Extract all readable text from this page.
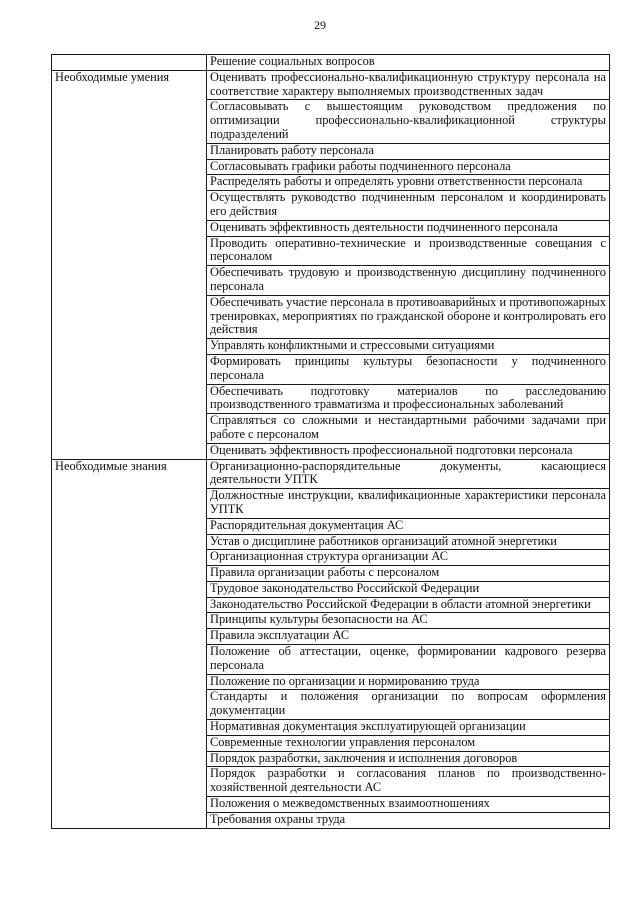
29
	Решение социальных вопросов
Необходимые умения	Оценивать профессионально-квалификационную структуру персонала на соответствие характеру выполняемых производственных задач
	Согласовывать с вышестоящим руководством предложения по оптимизации профессионально-квалификационной структуры подразделений
	Планировать работу персонала
	Согласовывать графики работы подчиненного персонала
	Распределять работы и определять уровни ответственности персонала
	Осуществлять руководство подчиненным персоналом и координировать его действия
	Оценивать эффективность деятельности подчиненного персонала
	Проводить оперативно-технические и производственные совещания с персоналом
	Обеспечивать трудовую и производственную дисциплину подчиненного персонала
	Обеспечивать участие персонала в противоаварийных и противопожарных тренировках, мероприятиях по гражданской обороне и контролировать его действия
	Управлять конфликтными и стрессовыми ситуациями
	Формировать принципы культуры безопасности у подчиненного персонала
	Обеспечивать подготовку материалов по расследованию производственного травматизма и профессиональных заболеваний
	Справляться со сложными и нестандартными рабочими задачами при работе с персоналом
	Оценивать эффективность профессиональной подготовки персонала
Необходимые знания	Организационно-распорядительные документы, касающиеся деятельности УПТК
	Должностные инструкции, квалификационные характеристики персонала УПТК
	Распорядительная документация АС
	Устав о дисциплине работников организаций атомной энергетики
	Организационная структура организации АС
	Правила организации работы с персоналом
	Трудовое законодательство Российской Федерации
	Законодательство Российской Федерации в области атомной энергетики
	Принципы культуры безопасности на АС
	Правила эксплуатации АС
	Положение об аттестации, оценке, формировании кадрового резерва персонала
	Положение по организации и нормированию труда
	Стандарты и положения организации по вопросам оформления документации
	Нормативная документация эксплуатирующей организации
	Современные технологии управления персоналом
	Порядок разработки, заключения и исполнения договоров
	Порядок разработки и согласования планов по производственно-хозяйственной деятельности АС
	Положения о межведомственных взаимоотношениях
	Требования охраны труда
